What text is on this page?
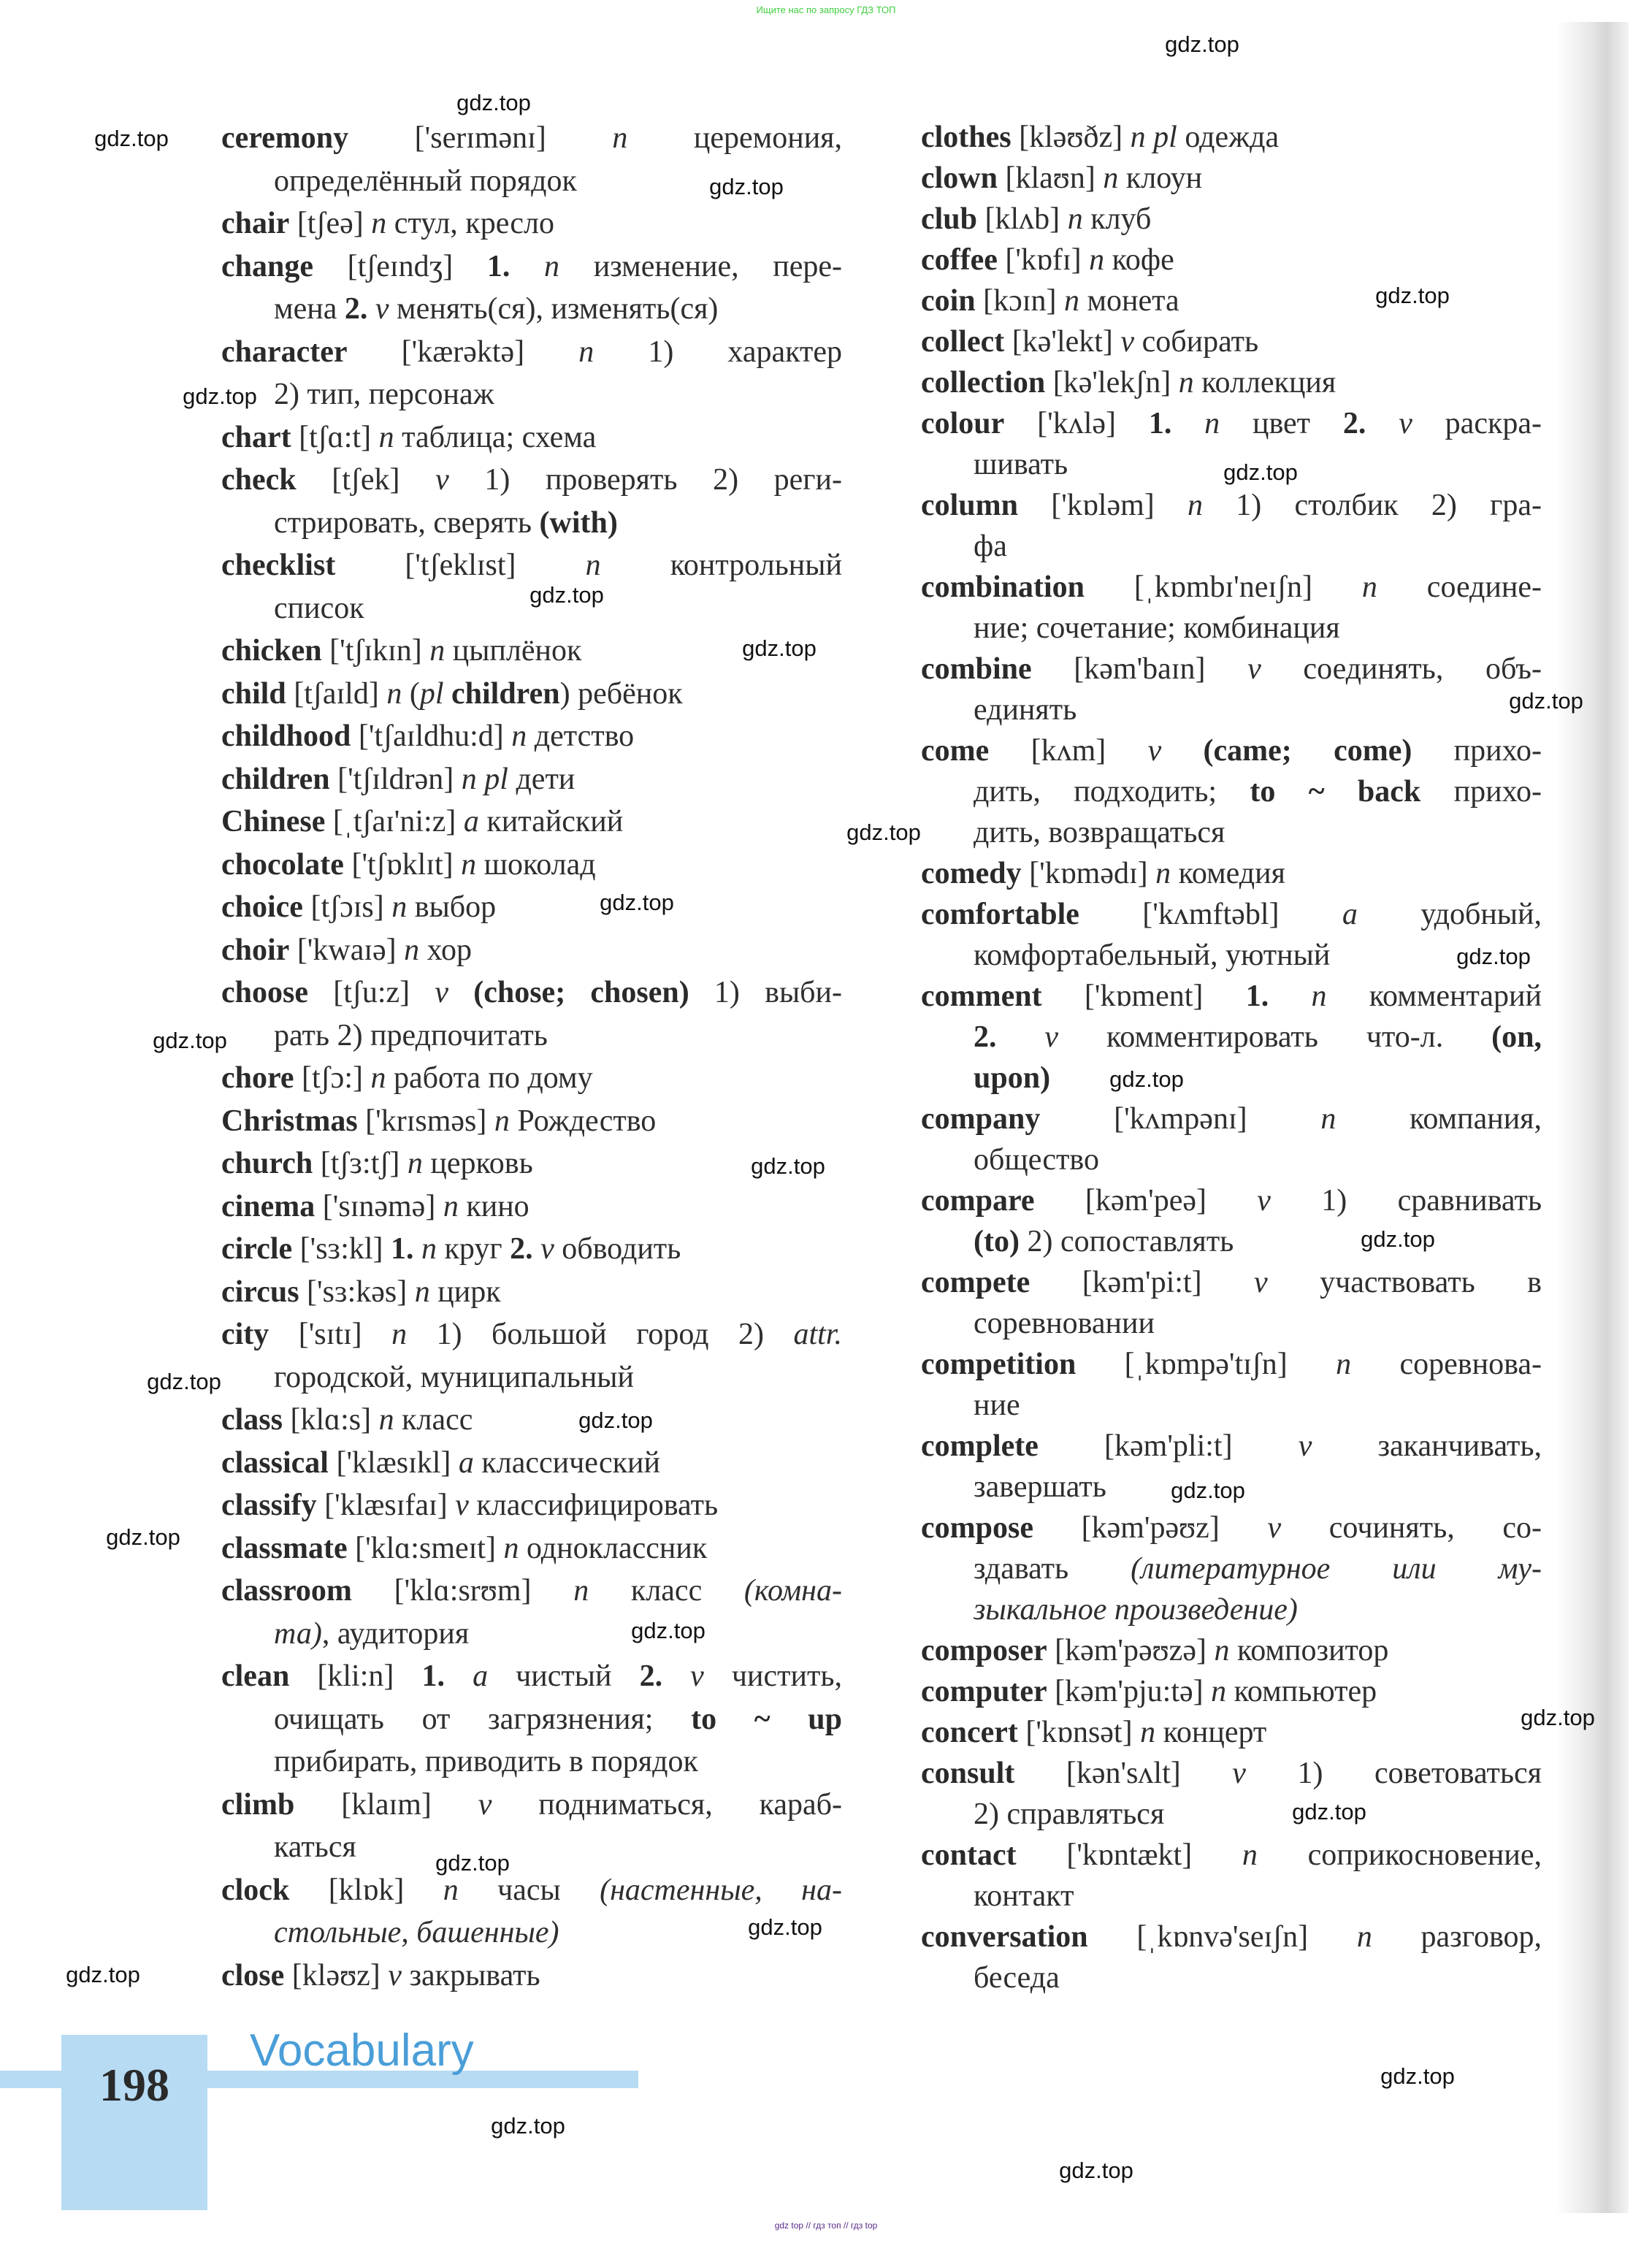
Ищите нас по запросу ГДЗ ТОП
ceremony ['serɪmənɪ] n церемония,
определённый порядок
chair [tʃeə] n стул, кресло
change [tʃeɪndʒ] 1. n изменение, пере-
мена 2. v менять(ся), изменять(ся)
character ['kærəktə] n 1) характер
2) тип, персонаж
chart [tʃɑ:t] n таблица; схема
check [tʃek] v 1) проверять 2) реги-
стрировать, сверять (with)
checklist ['tʃeklɪst] n контрольный
список
chicken ['tʃɪkɪn] n цыплёнок
child [tʃaɪld] n (pl children) ребёнок
childhood ['tʃaɪldhu:d] n детство
children ['tʃɪldrən] n pl дети
Chinese [ˌtʃaɪ'ni:z] a китайский
chocolate ['tʃɒklɪt] n шоколад
choice [tʃɔɪs] n выбор
choir ['kwaɪə] n хор
choose [tʃu:z] v (chose; chosen) 1) выби-
рать 2) предпочитать
chore [tʃɔ:] n работа по дому
Christmas ['krɪsməs] n Рождество
church [tʃɜ:tʃ] n церковь
cinema ['sɪnəmə] n кино
circle ['sɜ:kl] 1. n круг 2. v обводить
circus ['sɜ:kəs] n цирк
city ['sɪtɪ] n 1) большой город 2) attr.
городской, муниципальный
class [klɑ:s] n класс
classical ['klæsɪkl] a классический
classify ['klæsɪfaɪ] v классифицировать
classmate ['klɑ:smeɪt] n одноклассник
classroom ['klɑ:srʊm] n класс (комна-
та), аудитория
clean [kli:n] 1. a чистый 2. v чистить,
очищать от загрязнения; to ~ up
прибирать, приводить в порядок
climb [klaɪm] v подниматься, караб-
каться
clock [klɒk] n часы (настенные, на-
стольные, башенные)
close [kləʊz] v закрывать
clothes [kləʊðz] n pl одежда
clown [klaʊn] n клоун
club [klʌb] n клуб
coffee ['kɒfɪ] n кофе
coin [kɔɪn] n монета
collect [kə'lekt] v собирать
collection [kə'lekʃn] n коллекция
colour ['kʌlə] 1. n цвет 2. v раскра-
шивать
column ['kɒləm] n 1) столбик 2) гра-
фа
combination [ˌkɒmbɪ'neɪʃn] n соедине-
ние; сочетание; комбинация
combine [kəm'baɪn] v соединять, объ-
единять
come [kʌm] v (came; come) прихо-
дить, подходить; to ~ back прихо-
дить, возвращаться
comedy ['kɒmədɪ] n комедия
comfortable ['kʌmftəbl] a удобный,
комфортабельный, уютный
comment ['kɒment] 1. n комментарий
2. v комментировать что-л. (on,
upon)
company ['kʌmpənɪ] n компания,
общество
compare [kəm'peə] v 1) сравнивать
(to) 2) сопоставлять
compete [kəm'pi:t] v участвовать в
соревновании
competition [ˌkɒmpə'tɪʃn] n соревнова-
ние
complete [kəm'pli:t] v заканчивать,
завершать
compose [kəm'pəʊz] v сочинять, со-
здавать (литературное или му-
зыкальное произведение)
composer [kəm'pəʊzə] n композитор
computer [kəm'pju:tə] n компьютер
concert ['kɒnsət] n концерт
consult [kən'sʌlt] v 1) советоваться
2) справляться
contact ['kɒntækt] n соприкосновение,
контакт
conversation [ˌkɒnvə'seɪʃn] n разговор,
беседа
gdz.top
gdz.top
gdz.top
gdz.top
gdz.top
gdz.top
gdz.top
gdz.top
gdz.top
gdz.top
gdz.top
gdz.top
gdz.top
gdz.top
gdz.top
gdz.top
gdz.top
gdz.top
gdz.top
gdz.top
gdz.top
gdz.top
gdz.top
gdz.top
gdz.top
gdz.top
gdz.top
gdz.top
gdz.top
gdz.top
198
Vocabulary
gdz top // гдз топ // гдз top
